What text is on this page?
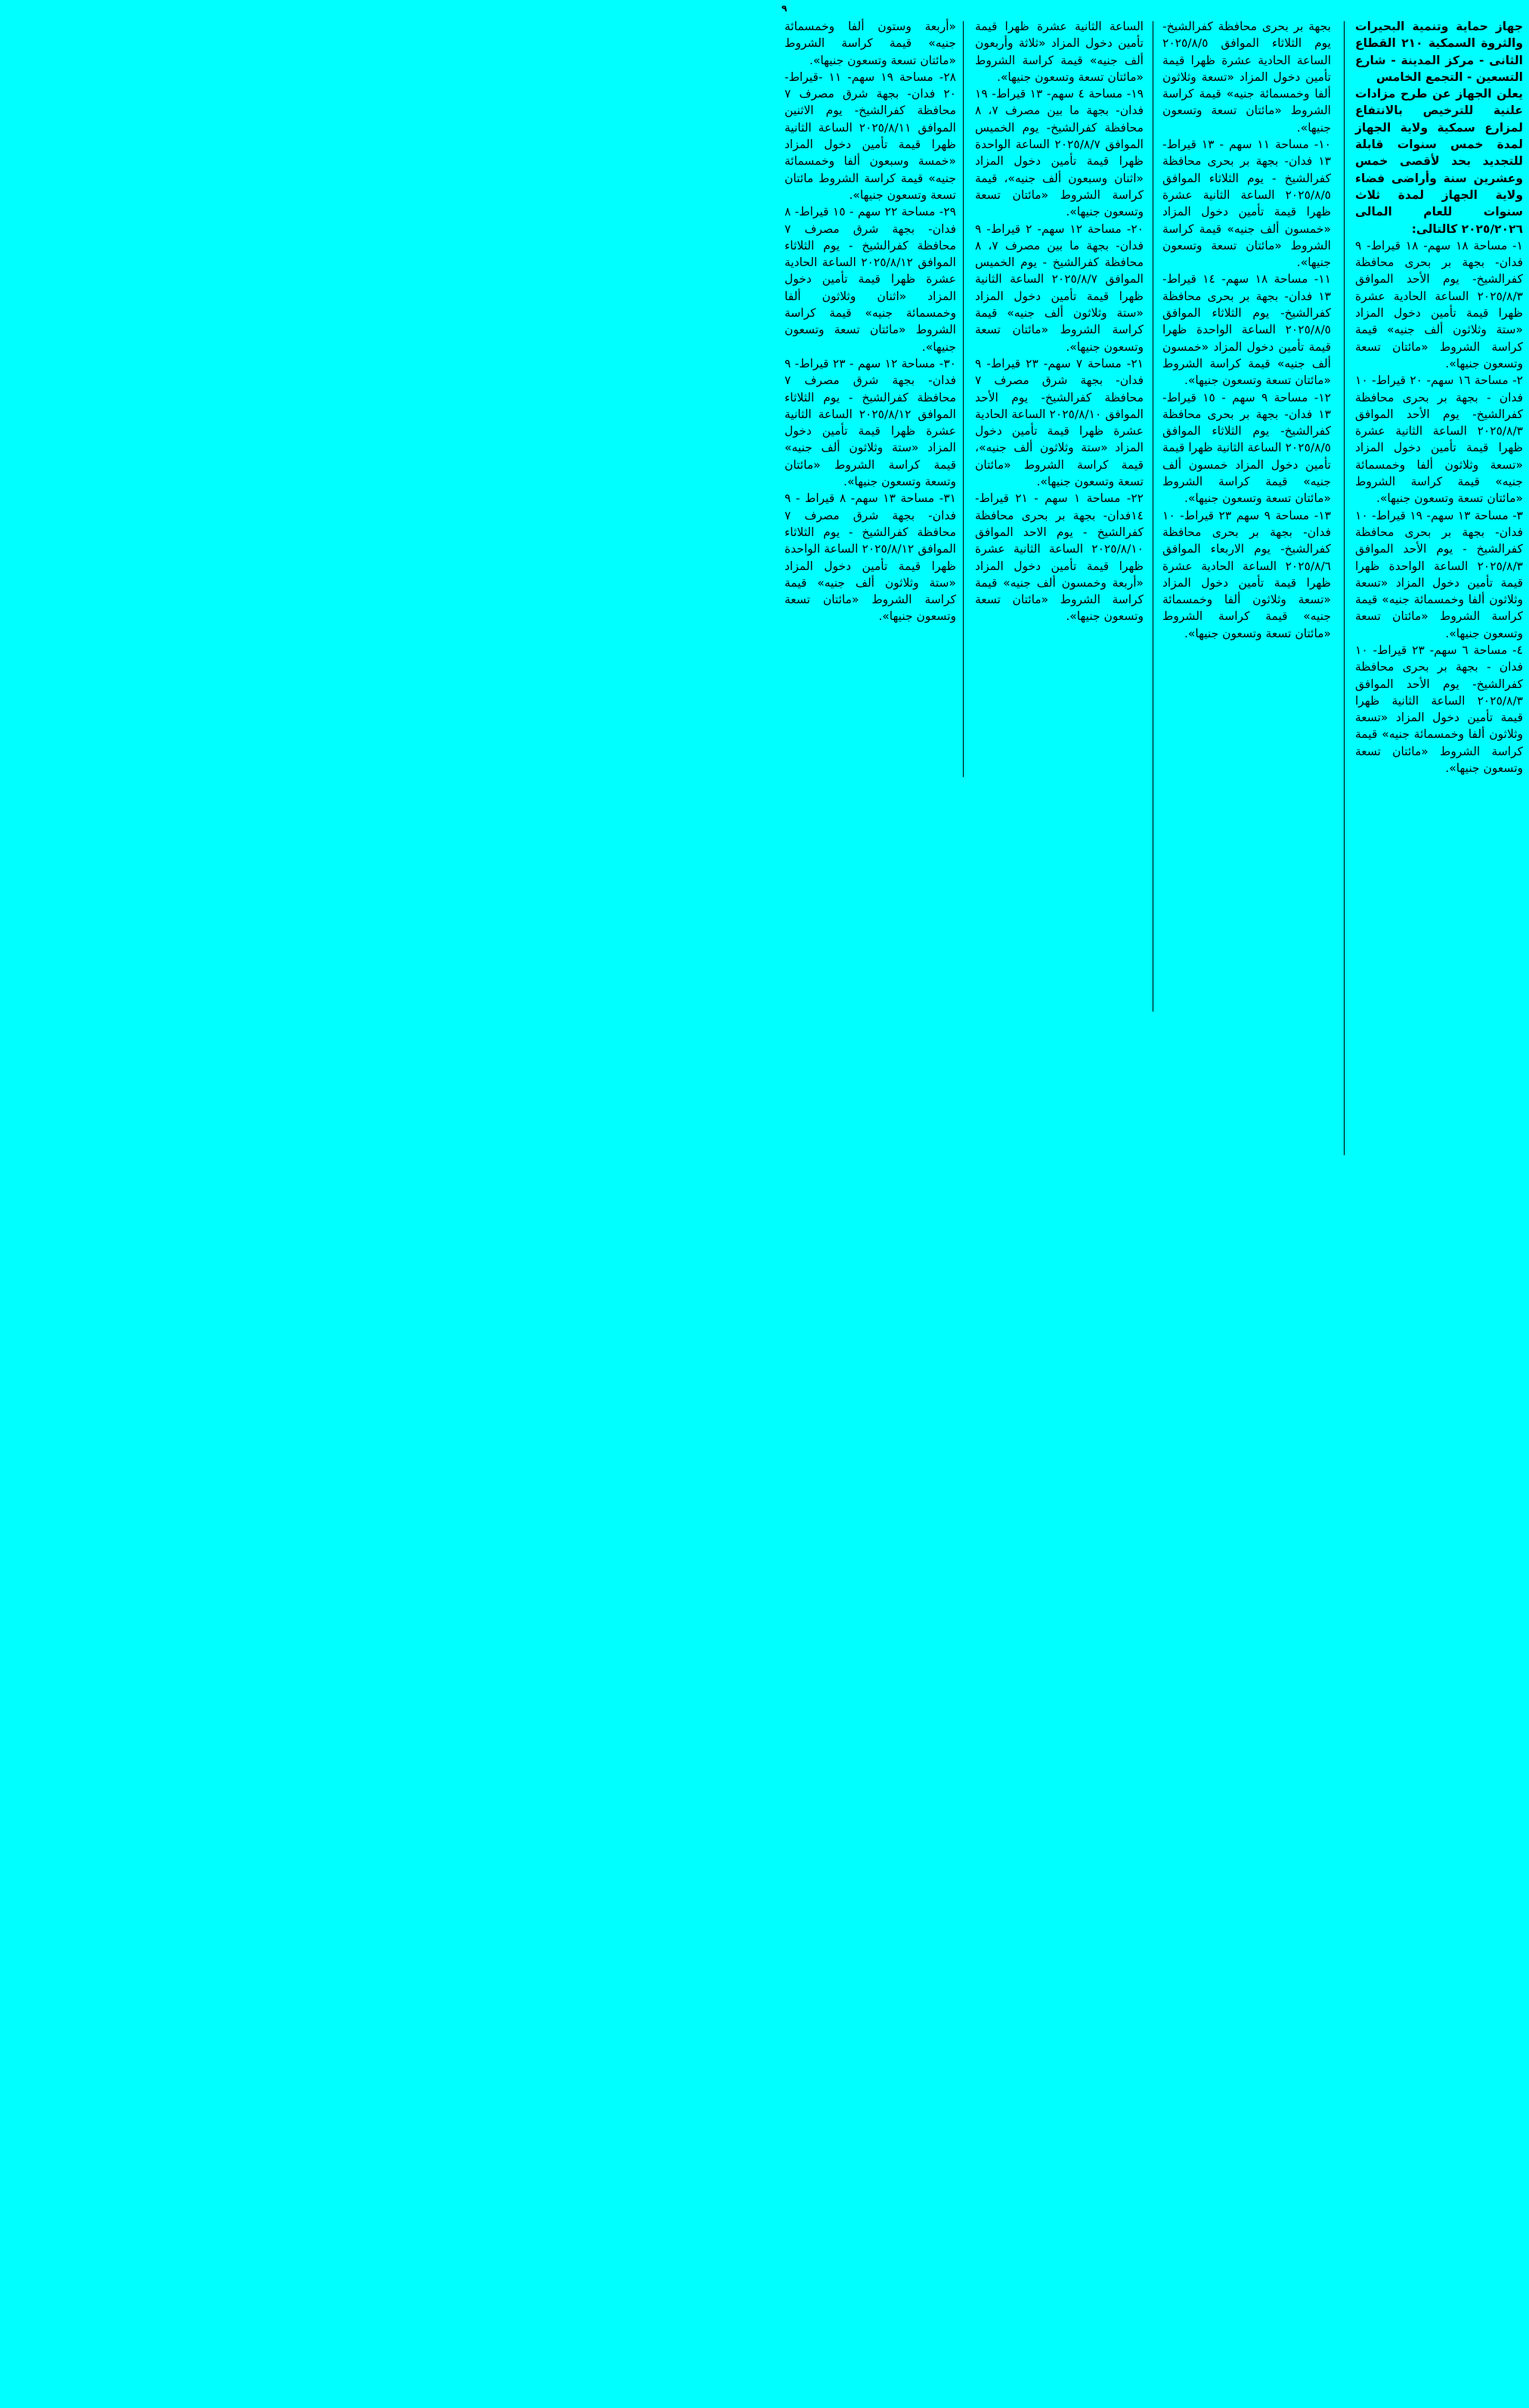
٩

جهاز حماية وتنمية البحيرات والثروة السمكية ٢١٠ القطاع الثانى - مركز المدينة - شارع التسعين - التجمع الخامس

يعلن الجهاز عن طرح مزادات علنية للترخيص بالانتفاع لمزارع سمكية ولاية الجهاز لمدة خمس سنوات قابلة للتجديد بحد لأقصى خمس وعشرين سنة وأراضى فضاء ولاية الجهاز لمدة ثلاث سنوات للعام المالى ٢٠٢٥/٢٠٢٦ كالتالى:

١- مساحة ١٨ سهم- ١٨ قيراط- ٩ فدان- بجهة بر بحرى محافظة كفرالشيخ- يوم الأحد الموافق ٢٠٢٥/٨/٣ الساعة الحادية عشرة ظهرا قيمة تأمين دخول المزاد «ستة وثلاثون ألف جنيه» قيمة كراسة الشروط «مائتان تسعة وتسعون جنيها».

٢- مساحة ١٦ سهم- ٢٠ قيراط- ١٠ فدان - بجهة بر بحرى محافظة كفرالشيخ- يوم الأحد الموافق ٢٠٢٥/٨/٣ الساعة الثانية عشرة ظهرا قيمة تأمين دخول المزاد «تسعة وثلاثون ألفا وخمسمائة جنيه» قيمة كراسة الشروط «مائتان تسعة وتسعون جنيها».

٣- مساحة ١٣ سهم- ١٩ قيراط- ١٠ فدان- بجهة بر بحرى محافظة كفرالشيخ - يوم الأحد الموافق ٢٠٢٥/٨/٣ الساعة الواحدة ظهرا قيمة تأمين دخول المزاد «تسعة وثلاثون ألفا وخمسمائة جنيه» قيمة كراسة الشروط «مائتان تسعة وتسعون جنيها».

٤- مساحة ٦ سهم- ٢٣ قيراط- ١٠ فدان - بجهة بر بحرى محافظة كفرالشيخ- يوم الأحد الموافق ٢٠٢٥/٨/٣ الساعة الثانية ظهرا قيمة تأمين دخول المزاد «تسعة وثلاثون ألفا وخمسمائة جنيه» قيمة كراسة الشروط «مائتان تسعة وتسعون جنيها».

بجهة بر بحرى محافظة كفرالشيخ- يوم الثلاثاء الموافق ٢٠٢٥/٨/٥ الساعة الحادية عشرة ظهرا قيمة تأمين دخول المزاد «تسعة وثلاثون ألفا وخمسمائة جنيه» قيمة كراسة الشروط «مائتان تسعة وتسعون جنيها».

١٠- مساحة ١١ سهم - ١٣ قيراط- ١٣ فدان- بجهة بر بحرى محافظة كفرالشيخ - يوم الثلاثاء الموافق ٢٠٢٥/٨/٥ الساعة الثانية عشرة ظهرا قيمة تأمين دخول المزاد «خمسون ألف جنيه» قيمة كراسة الشروط «مائتان تسعة وتسعون جنيها».

١١- مساحة ١٨ سهم- ١٤ قيراط- ١٣ فدان- بجهة بر بحرى محافظة كفرالشيخ- يوم الثلاثاء الموافق ٢٠٢٥/٨/٥ الساعة الواحدة ظهرا قيمة تأمين دخول المزاد «خمسون ألف جنيه» قيمة كراسة الشروط «مائتان تسعة وتسعون جنيها».

١٢- مساحة ٩ سهم - ١٥ قيراط- ١٣ فدان- بجهة بر بحرى محافظة كفرالشيخ- يوم الثلاثاء الموافق ٢٠٢٥/٨/٥ الساعة الثانية ظهرا قيمة تأمين دخول المزاد خمسون ألف جنيه» قيمة كراسة الشروط «مائتان تسعة وتسعون جنيها».

١٣- مساحة ٩ سهم ٢٣ قيراط- ١٠ فدان- بجهة بر بحرى محافظة كفرالشيخ- يوم الاربعاء الموافق ٢٠٢٥/٨/٦ الساعة الحادية عشرة ظهرا قيمة تأمين دخول المزاد «تسعة وثلاثون ألفا وخمسمائة جنيه» قيمة كراسة الشروط «مائتان تسعة وتسعون جنيها».

الساعة الثانية عشرة ظهرا قيمة تأمين دخول المزاد «ثلاثة وأربعون ألف جنيه» قيمة كراسة الشروط «مائتان تسعة وتسعون جنيها».

١٩- مساحة ٤ سهم- ١٣ قيراط- ١٩ فدان- بجهة ما بين مصرف ٧، ٨ محافظة كفرالشيخ- يوم الخميس الموافق ٢٠٢٥/٨/٧ الساعة الواحدة ظهرا قيمة تأمين دخول المزاد «اثنان وسبعون ألف جنيه»، قيمة كراسة الشروط «مائتان تسعة وتسعون جنيها».

٢٠- مساحة ١٢ سهم- ٢ قيراط- ٩ فدان- بجهة ما بين مصرف ٧، ٨ محافظة كفرالشيخ - يوم الخميس الموافق ٢٠٢٥/٨/٧ الساعة الثانية ظهرا قيمة تأمين دخول المزاد «ستة وثلاثون ألف جنيه» قيمة كراسة الشروط «مائتان تسعة وتسعون جنيها».

٢١- مساحة ٧ سهم- ٢٣ قيراط- ٩ فدان- بجهة شرق مصرف ٧ محافظة كفرالشيخ- يوم الأحد الموافق ٢٠٢٥/٨/١٠ الساعة الحادية عشرة ظهرا قيمة تأمين دخول المزاد «ستة وثلاثون ألف جنيه»، قيمة كراسة الشروط «مائتان تسعة وتسعون جنيها».

٢٢- مساحة ١ سهم - ٢١ قيراط- ١٤فدان- بجهة بر بحرى محافظة كفرالشيخ - يوم الاحد الموافق ٢٠٢٥/٨/١٠ الساعة الثانية عشرة ظهرا قيمة تأمين دخول المزاد «أربعة وخمسون ألف جنيه» قيمة كراسة الشروط «مائتان تسعة وتسعون جنيها».

«أربعة وستون ألفا وخمسمائة جنيه» قيمة كراسة الشروط «مائتان تسعة وتسعون جنيها».

٢٨- مساحة ١٩ سهم- ١١ -قيراط- ٢٠ فدان- بجهة شرق مصرف ٧ محافظة كفرالشيخ- يوم الاثنين الموافق ٢٠٢٥/٨/١١ الساعة الثانية ظهرا قيمة تأمين دخول المزاد «خمسة وسبعون ألفا وخمسمائة جنيه» قيمة كراسة الشروط مائتان تسعة وتسعون جنيها».

٢٩- مساحة ٢٢ سهم - ١٥ قيراط- ٨ فدان- بجهة شرق مصرف ٧ محافظة كفرالشيخ - يوم الثلاثاء الموافق ٢٠٢٥/٨/١٢ الساعة الحادية عشرة ظهرا قيمة تأمين دخول المزاد «اثنان وثلاثون ألفا وخمسمائة جنيه» قيمة كراسة الشروط «مائتان تسعة وتسعون جنيها».

٣٠- مساحة ١٢ سهم - ٢٣ قيراط- ٩ فدان- بجهة شرق مصرف ٧ محافظة كفرالشيخ - يوم الثلاثاء الموافق ٢٠٢٥/٨/١٢ الساعة الثانية عشرة ظهرا قيمة تأمين دخول المزاد «ستة وثلاثون ألف جنيه» قيمة كراسة الشروط «مائتان وتسعة وتسعون جنيها».

٣١- مساحة ١٣ سهم- ٨ قيراط - ٩ فدان- بجهة شرق مصرف ٧ محافظة كفرالشيخ - يوم الثلاثاء الموافق ٢٠٢٥/٨/١٢ الساعة الواحدة ظهرا قيمة تأمين دخول المزاد «ستة وثلاثون ألف جنيه» قيمة كراسة الشروط «مائتان تسعة وتسعون جنيها».
